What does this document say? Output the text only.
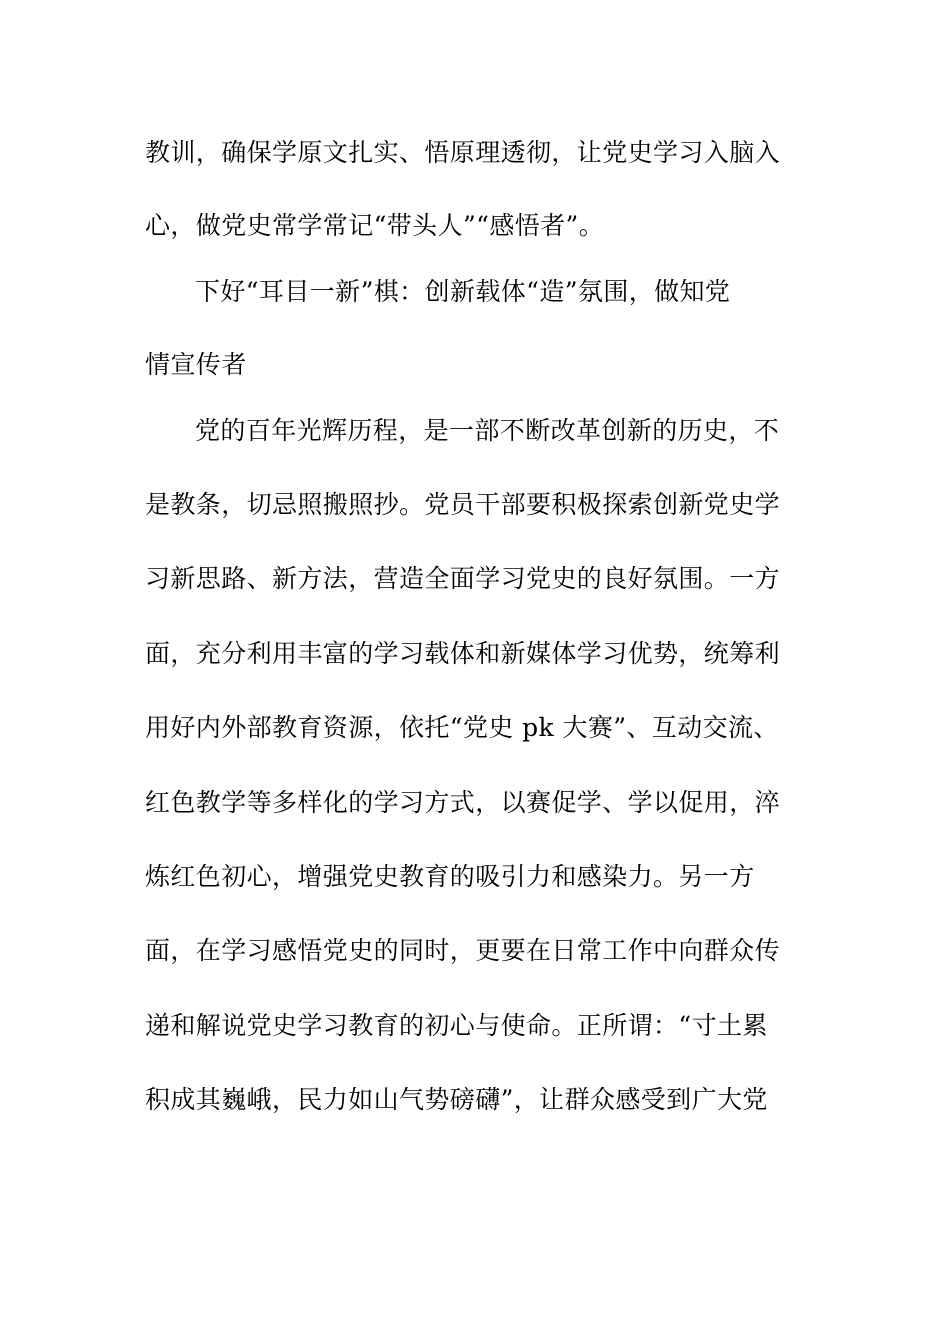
教训，确保学原文扎实、悟原理透彻，让党史学习入脑入
心，做党史常学常记“带头人”“感悟者”。
下好“耳目一新”棋：创新载体“造”氛围，做知党
情宣传者
党的百年光辉历程，是一部不断改革创新的历史，不
是教条，切忌照搬照抄。党员干部要积极探索创新党史学
习新思路、新方法，营造全面学习党史的良好氛围。一方
面，充分利用丰富的学习载体和新媒体学习优势，统筹利
用好内外部教育资源，依托“党史 pk 大赛”、互动交流、
红色教学等多样化的学习方式，以赛促学、学以促用，淬
炼红色初心，增强党史教育的吸引力和感染力。另一方
面，在学习感悟党史的同时，更要在日常工作中向群众传
递和解说党史学习教育的初心与使命。正所谓：“寸土累
积成其巍峨，民力如山气势磅礴”，让群众感受到广大党
